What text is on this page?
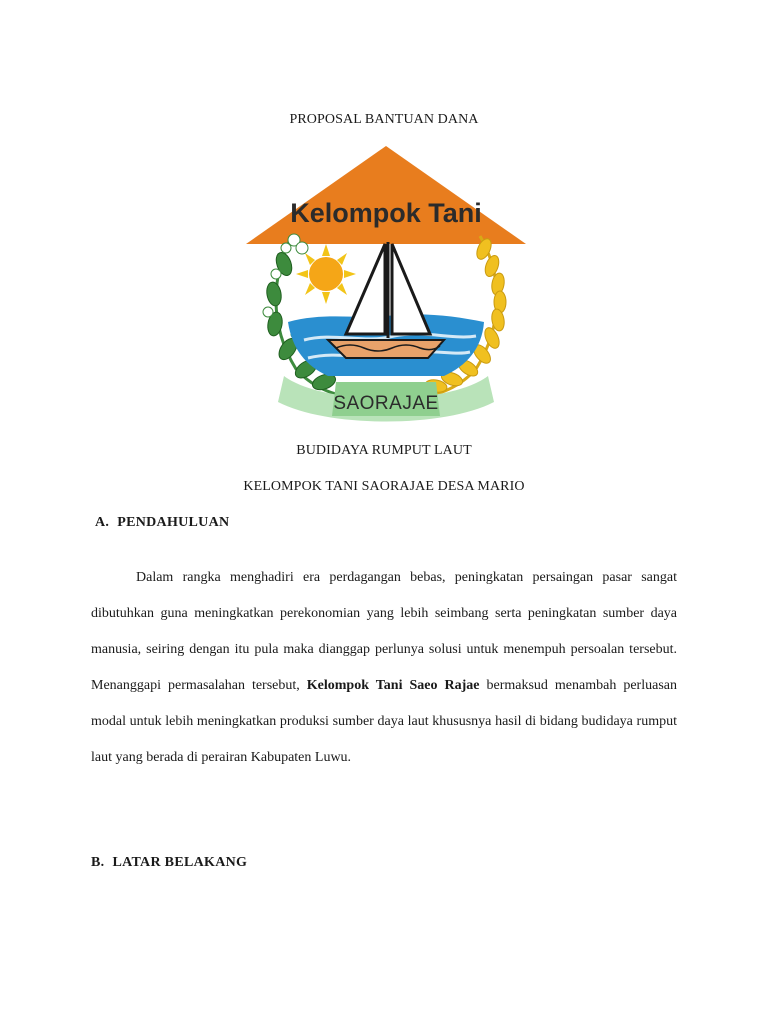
PROPOSAL BANTUAN DANA
Kelompok Tani
SAORAJAE
BUDIDAYA RUMPUT LAUT
KELOMPOK TANI SAORAJAE DESA MARIO
A. PENDAHULUAN
Dalam rangka menghadiri era perdagangan bebas, peningkatan persaingan pasar sangat dibutuhkan guna meningkatkan perekonomian yang lebih seimbang serta peningkatan sumber daya manusia, seiring dengan itu pula maka dianggap perlunya solusi untuk menempuh persoalan tersebut. Menanggapi permasalahan tersebut, Kelompok Tani Saeo Rajae bermaksud menambah perluasan modal untuk lebih meningkatkan produksi sumber daya laut khususnya hasil di bidang budidaya rumput laut yang berada di perairan Kabupaten Luwu.
B. LATAR BELAKANG
